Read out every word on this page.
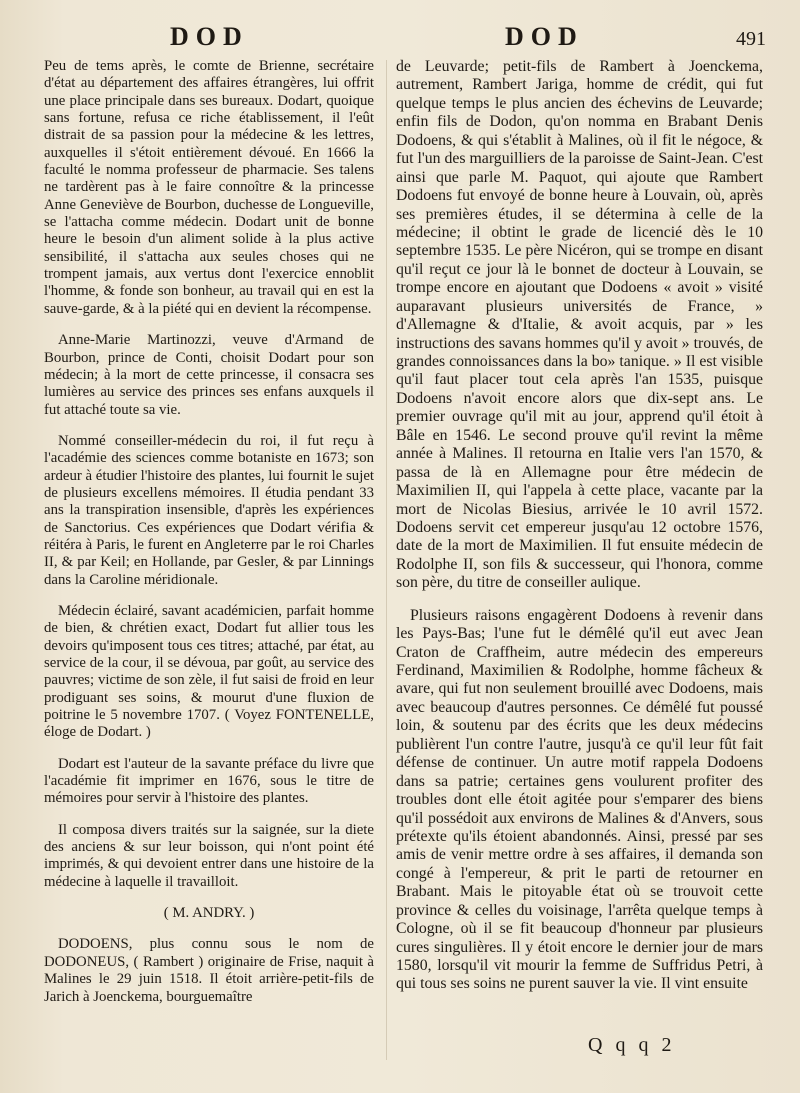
DOD	DOD	491

Peu de tems après, le comte de Brienne, secrétaire d'état au département des affaires étrangères, lui offrit une place principale dans ses bureaux. Dodart, quoique sans fortune, refusa ce riche établissement, il l'eût distrait de sa passion pour la médecine & les lettres, auxquelles il s'étoit entièrement dévoué. En 1666 la faculté le nomma professeur de pharmacie. Ses talens ne tardèrent pas à le faire connoître & la princesse Anne Geneviève de Bourbon, duchesse de Longueville, se l'attacha comme médecin. Dodart unit de bonne heure le besoin d'un aliment solide à la plus active sensibilité, il s'attacha aux seules choses qui ne trompent jamais, aux vertus dont l'exercice ennoblit l'homme, & fonde son bonheur, au travail qui en est la sauve-garde, & à la piété qui en devient la récompense.

Anne-Marie Martinozzi, veuve d'Armand de Bourbon, prince de Conti, choisit Dodart pour son médecin; à la mort de cette princesse, il consacra ses lumières au service des princes ses enfans auxquels il fut attaché toute sa vie.

Nommé conseiller-médecin du roi, il fut reçu à l'académie des sciences comme botaniste en 1673; son ardeur à étudier l'histoire des plantes, lui fournit le sujet de plusieurs excellens mémoires. Il étudia pendant 33 ans la transpiration insensible, d'après les expériences de Sanctorius. Ces expériences que Dodart vérifia & réitéra à Paris, le furent en Angleterre par le roi Charles II, & par Keil; en Hollande, par Gesler, & par Linnings dans la Caroline méridionale.

Médecin éclairé, savant académicien, parfait homme de bien, & chrétien exact, Dodart fut allier tous les devoirs qu'imposent tous ces titres; attaché, par état, au service de la cour, il se dévoua, par goût, au service des pauvres; victime de son zèle, il fut saisi de froid en leur prodiguant ses soins, & mourut d'une fluxion de poitrine le 5 novembre 1707. ( Voyez FONTENELLE, éloge de Dodart. )

Dodart est l'auteur de la savante préface du livre que l'académie fit imprimer en 1676, sous le titre de mémoires pour servir à l'histoire des plantes.

Il composa divers traités sur la saignée, sur la diete des anciens & sur leur boisson, qui n'ont point été imprimés, & qui devoient entrer dans une histoire de la médecine à laquelle il travailloit.

( M. ANDRY. )

DODOENS, plus connu sous le nom de DODONEUS, ( Rambert ) originaire de Frise, naquit à Malines le 29 juin 1518. Il étoit arrière-petit-fils de Jarich à Joenckema, bourguemaître

de Leuvarde; petit-fils de Rambert à Joenckema, autrement, Rambert Jariga, homme de crédit, qui fut quelque temps le plus ancien des échevins de Leuvarde; enfin fils de Dodon, qu'on nomma en Brabant Denis Dodoens, & qui s'établit à Malines, où il fit le négoce, & fut l'un des marguilliers de la paroisse de Saint-Jean. C'est ainsi que parle M. Paquot, qui ajoute que Rambert Dodoens fut envoyé de bonne heure à Louvain, où, après ses premières études, il se détermina à celle de la médecine; il obtint le grade de licencié dès le 10 septembre 1535. Le père Nicéron, qui se trompe en disant qu'il reçut ce jour là le bonnet de docteur à Louvain, se trompe encore en ajoutant que Dodoens « avoit » visité auparavant plusieurs universités de France, » d'Allemagne & d'Italie, & avoit acquis, par » les instructions des savans hommes qu'il y avoit » trouvés, de grandes connoissances dans la bo» tanique. » Il est visible qu'il faut placer tout cela après l'an 1535, puisque Dodoens n'avoit encore alors que dix-sept ans. Le premier ouvrage qu'il mit au jour, apprend qu'il étoit à Bâle en 1546. Le second prouve qu'il revint la même année à Malines. Il retourna en Italie vers l'an 1570, & passa de là en Allemagne pour être médecin de Maximilien II, qui l'appela à cette place, vacante par la mort de Nicolas Biesius, arrivée le 10 avril 1572. Dodoens servit cet empereur jusqu'au 12 octobre 1576, date de la mort de Maximilien. Il fut ensuite médecin de Rodolphe II, son fils & successeur, qui l'honora, comme son père, du titre de conseiller aulique.

Plusieurs raisons engagèrent Dodoens à revenir dans les Pays-Bas; l'une fut le démêlé qu'il eut avec Jean Craton de Craffheim, autre médecin des empereurs Ferdinand, Maximilien & Rodolphe, homme fâcheux & avare, qui fut non seulement brouillé avec Dodoens, mais avec beaucoup d'autres personnes. Ce démêlé fut poussé loin, & soutenu par des écrits que les deux médecins publièrent l'un contre l'autre, jusqu'à ce qu'il leur fût fait défense de continuer. Un autre motif rappela Dodoens dans sa patrie; certaines gens voulurent profiter des troubles dont elle étoit agitée pour s'emparer des biens qu'il possédoit aux environs de Malines & d'Anvers, sous prétexte qu'ils étoient abandonnés. Ainsi, pressé par ses amis de venir mettre ordre à ses affaires, il demanda son congé à l'empereur, & prit le parti de retourner en Brabant. Mais le pitoyable état où se trouvoit cette province & celles du voisinage, l'arrêta quelque temps à Cologne, où il se fit beaucoup d'honneur par plusieurs cures singulières. Il y étoit encore le dernier jour de mars 1580, lorsqu'il vit mourir la femme de Suffridus Petri, à qui tous ses soins ne purent sauver la vie. Il vint ensuite

Q q q 2
